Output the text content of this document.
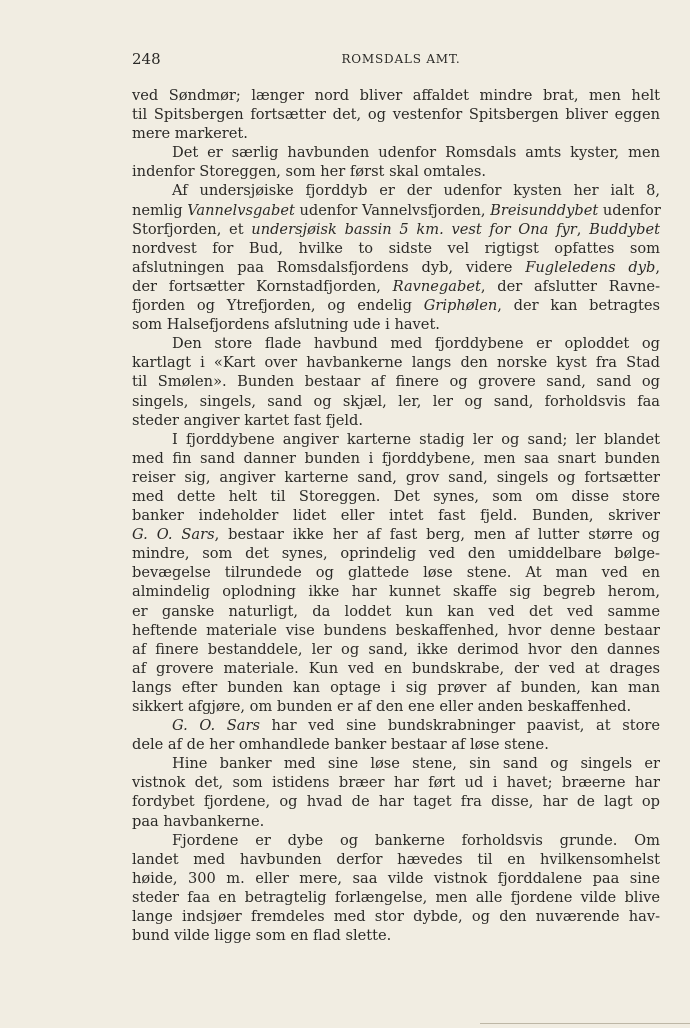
248	ROMSDALS AMT.
ved Søndmør; længer nord bliver affaldet mindre brat, men helt
til Spitsbergen fortsætter det, og vestenfor Spitsbergen bliver eggen
mere markeret.
Det er særlig havbunden udenfor Romsdals amts kyster, men
indenfor Storeggen, som her først skal omtales.
Af undersjøiske fjorddyb er der udenfor kysten her ialt 8,
nemlig Vannelvsgabet udenfor Vannelvsfjorden, Breisunddybet udenfor
Storfjorden, et undersjøisk bassin 5 km. vest for Ona fyr, Buddybet
nordvest for Bud, hvilke to sidste vel rigtigst opfattes som
afslutningen paa Romsdalsfjordens dyb, videre Fugleledens dyb,
der fortsætter Kornstadfjorden, Ravnegabet, der afslutter Ravne-
fjorden og Ytrefjorden, og endelig Griphølen, der kan betragtes
som Halsefjordens afslutning ude i havet.
Den store flade havbund med fjorddybene er oploddet og
kartlagt i «Kart over havbankerne langs den norske kyst fra Stad
til Smølen». Bunden bestaar af finere og grovere sand, sand og
singels, singels, sand og skjæl, ler, ler og sand, forholdsvis faa
steder angiver kartet fast fjeld.
I fjorddybene angiver karterne stadig ler og sand; ler blandet
med fin sand danner bunden i fjorddybene, men saa snart bunden
reiser sig, angiver karterne sand, grov sand, singels og fortsætter
med dette helt til Storeggen. Det synes, som om disse store
banker indeholder lidet eller intet fast fjeld. Bunden, skriver
G. O. Sars, bestaar ikke her af fast berg, men af lutter større og
mindre, som det synes, oprindelig ved den umiddelbare bølge-
bevægelse tilrundede og glattede løse stene. At man ved en
almindelig oplodning ikke har kunnet skaffe sig begreb herom,
er ganske naturligt, da loddet kun kan ved det ved samme
heftende materiale vise bundens beskaffenhed, hvor denne bestaar
af finere bestanddele, ler og sand, ikke derimod hvor den dannes
af grovere materiale. Kun ved en bundskrabe, der ved at drages
langs efter bunden kan optage i sig prøver af bunden, kan man
sikkert afgjøre, om bunden er af den ene eller anden beskaffenhed.
G. O. Sars har ved sine bundskrabninger paavist, at store
dele af de her omhandlede banker bestaar af løse stene.
Hine banker med sine løse stene, sin sand og singels er
vistnok det, som istidens bræer har ført ud i havet; bræerne har
fordybet fjordene, og hvad de har taget fra disse, har de lagt op
paa havbankerne.
Fjordene er dybe og bankerne forholdsvis grunde. Om
landet med havbunden derfor hævedes til en hvilkensomhelst
høide, 300 m. eller mere, saa vilde vistnok fjorddalene paa sine
steder faa en betragtelig forlængelse, men alle fjordene vilde blive
lange indsjøer fremdeles med stor dybde, og den nuværende hav-
bund vilde ligge som en flad slette.
